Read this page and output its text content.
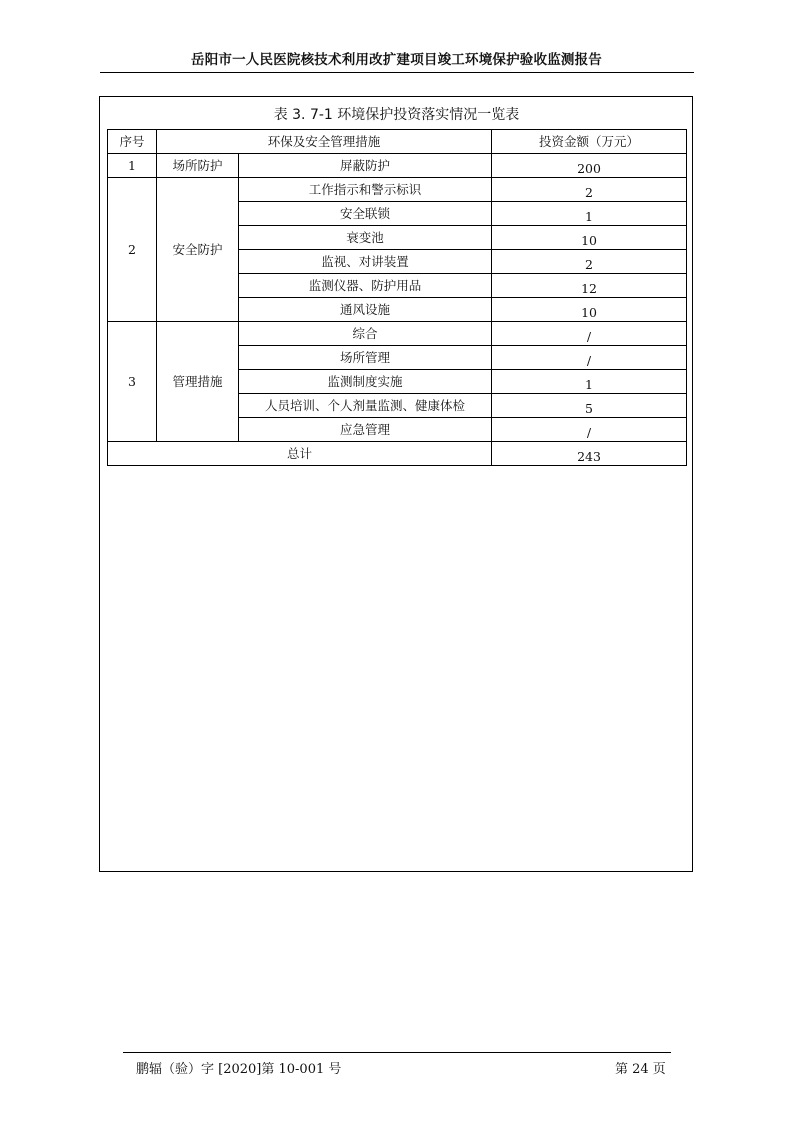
岳阳市一人民医院核技术利用改扩建项目竣工环境保护验收监测报告
表 3. 7-1 环境保护投资落实情况一览表
序号	环保及安全管理措施		投资金额（万元）
1	场所防护	屏蔽防护	200
2	安全防护	工作指示和警示标识	2
		安全联锁	1
		衰变池	10
		监视、对讲装置	2
		监测仪器、防护用品	12
		通风设施	10
3	管理措施	综合	/
		场所管理	/
		监测制度实施	1
		人员培训、个人剂量监测、健康体检	5
		应急管理	/
总计			243
鹏辐（验）字 [2020]第 10-001 号	第 24 页
